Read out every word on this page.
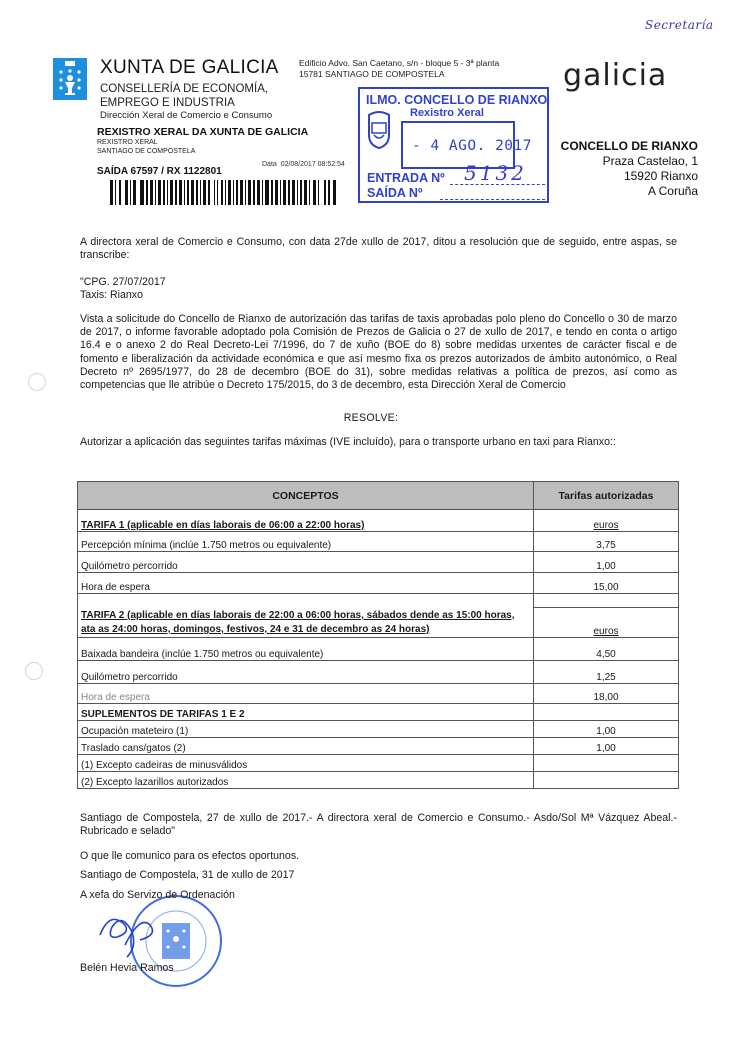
Secretaría
XUNTA DE GALICIA
CONSELLERÍA DE ECONOMÍA,
EMPREGO E INDUSTRIA
Dirección Xeral de Comercio e Consumo
Edificio Advo. San Caetano, s/n - bloque 5 - 3ª planta
15781 SANTIAGO DE COMPOSTELA	galicia
REXISTRO XERAL DA XUNTA DE GALICIA
REXISTRO XERAL
SANTIAGO DE COMPOSTELA
Data 02/08/2017 08:52:54
SAÍDA 67597 / RX 1122801
ILMO. CONCELLO DE RIANXO
Rexistro Xeral
- 4 AGO. 2017
ENTRADA Nº 5132
SAÍDA Nº
CONCELLO DE RIANXO
Praza Castelao, 1
15920 Rianxo
A Coruña
A directora xeral de Comercio e Consumo, con data 27de xullo de 2017, ditou a resolución que de seguido, entre aspas, se transcribe:
"CPG. 27/07/2017
Taxis: Rianxo
Vista a solicitude do Concello de Rianxo de autorización das tarifas de taxis aprobadas polo pleno do Concello o 30 de marzo de 2017, o informe favorable adoptado pola Comisión de Prezos de Galicia o 27 de xullo de 2017, e tendo en conta o artigo 16.4 e o anexo 2 do Real Decreto-Lei 7/1996, do 7 de xuño (BOE do 8) sobre medidas urxentes de carácter fiscal e de fomento e liberalización da actividade económica e que así mesmo fixa os prezos autorizados de ámbito autonómico, o Real Decreto nº 2695/1977, do 28 de decembro (BOE do 31), sobre medidas relativas a política de prezos, así como as competencias que lle atribúe o Decreto 175/2015, do 3 de decembro, esta Dirección Xeral de Comercio
RESOLVE:
Autorizar a aplicación das seguintes tarifas máximas (IVE incluído), para o transporte urbano en taxi para Rianxo::
CONCEPTOS	Tarifas autorizadas
TARIFA 1 (aplicable en días laborais de 06:00 a 22:00 horas)	euros
Percepción mínima (inclúe 1.750 metros ou equivalente)	3,75
Quilómetro percorrido	1,00
Hora de espera	15,00

TARIFA 2 (aplicable en días laborais de 22:00 a 06:00 horas, sábados dende as 15:00 horas, ata as 24:00 horas, domingos, festivos, 24 e 31 de decembro as 24 horas)	euros
Baixada bandeira (inclúe 1.750 metros ou equivalente)	4,50
Quilómetro percorrido	1,25
Hora de espera	18,00
SUPLEMENTOS DE TARIFAS 1 E 2	
Ocupación mateteiro (1)	1,00
Traslado cans/gatos (2)	1,00
(1) Excepto cadeiras de minusválidos	
(2) Excepto lazarillos autorizados	
Santiago de Compostela, 27 de xullo de 2017.- A directora xeral de Comercio e Consumo.- Asdo/Sol Mª Vázquez Abeal.- Rubricado e selado"
O que lle comunico para os efectos oportunos.
Santiago de Compostela, 31 de xullo de 2017
A xefa do Servizo de Ordenación
Belén Hevia Ramos
